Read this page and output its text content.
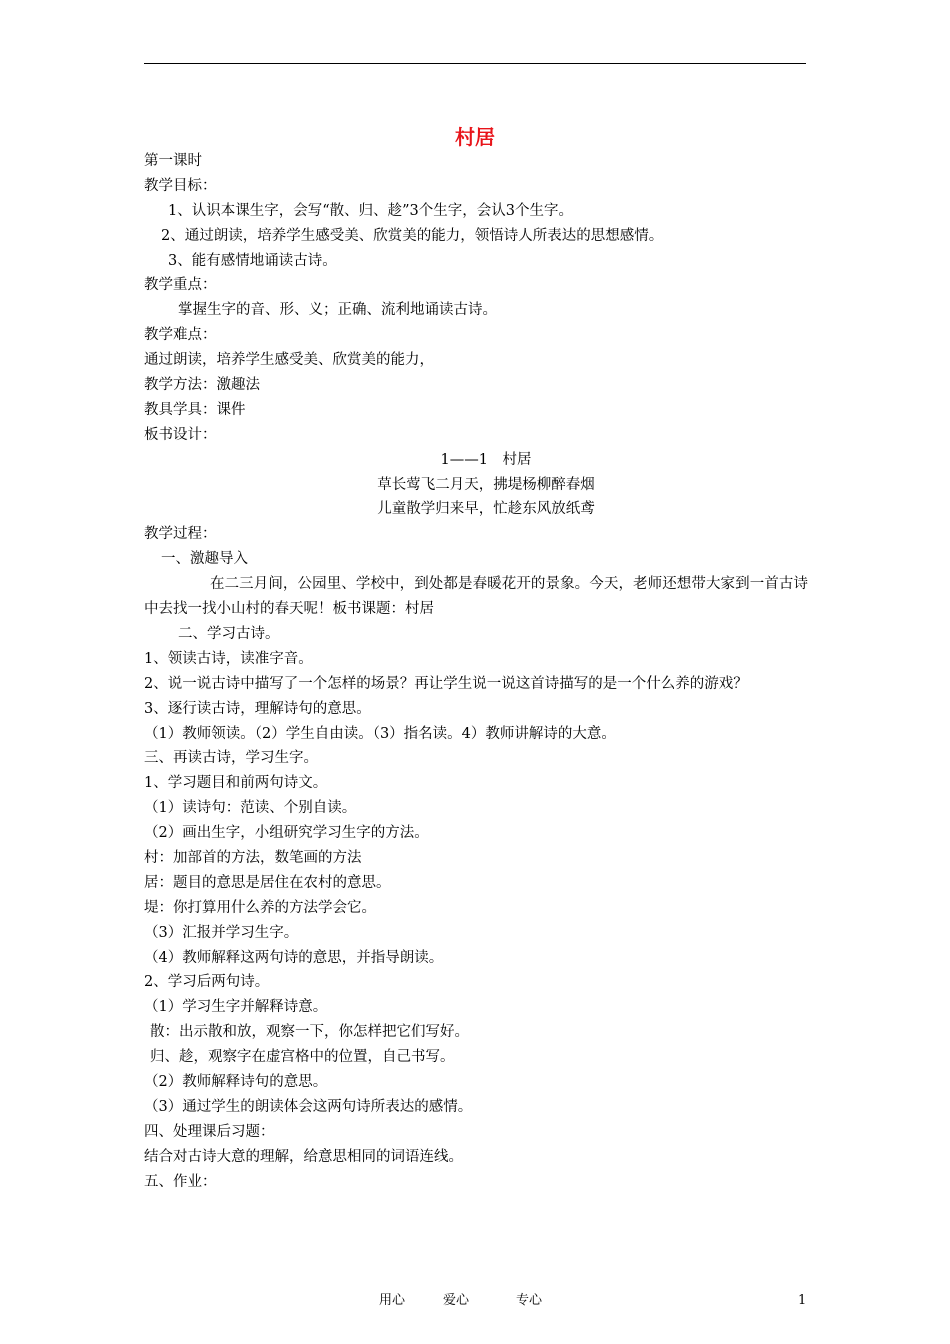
村居
第一课时
教学目标：
1、认识本课生字，会写“散、归、趁”3个生字，会认3个生字。
2、通过朗读，培养学生感受美、欣赏美的能力，领悟诗人所表达的思想感情。
3、能有感情地诵读古诗。
教学重点：
掌握生字的音、形、义；正确、流利地诵读古诗。
教学难点：
通过朗读，培养学生感受美、欣赏美的能力，
教学方法：激趣法
教具学具：课件
板书设计：
1——1　村居
草长莺飞二月天，拂堤杨柳醉春烟
儿童散学归来早，忙趁东风放纸鸢
教学过程：
一、激趣导入
在二三月间，公园里、学校中，到处都是春暖花开的景象。今天，老师还想带大家到一首古诗中去找一找小山村的春天呢！板书课题：村居
二、学习古诗。
1、领读古诗，读准字音。
2、说一说古诗中描写了一个怎样的场景？再让学生说一说这首诗描写的是一个什么养的游戏？
3、逐行读古诗，理解诗句的意思。
（1）教师领读。（2）学生自由读。（3）指名读。4）教师讲解诗的大意。
三、再读古诗，学习生字。
1、学习题目和前两句诗文。
（1）读诗句：范读、个别自读。
（2）画出生字，小组研究学习生字的方法。
村：加部首的方法，数笔画的方法
居：题目的意思是居住在农村的意思。
堤：你打算用什么养的方法学会它。
（3）汇报并学习生字。
（4）教师解释这两句诗的意思，并指导朗读。
2、学习后两句诗。
（1）学习生字并解释诗意。
散：出示散和放，观察一下，你怎样把它们写好。
归、趁，观察字在虚宫格中的位置，自己书写。
（2）教师解释诗句的意思。
（3）通过学生的朗读体会这两句诗所表达的感情。
四、处理课后习题：
结合对古诗大意的理解，给意思相同的词语连线。
五、作业：
用心	爱心	专心	1
